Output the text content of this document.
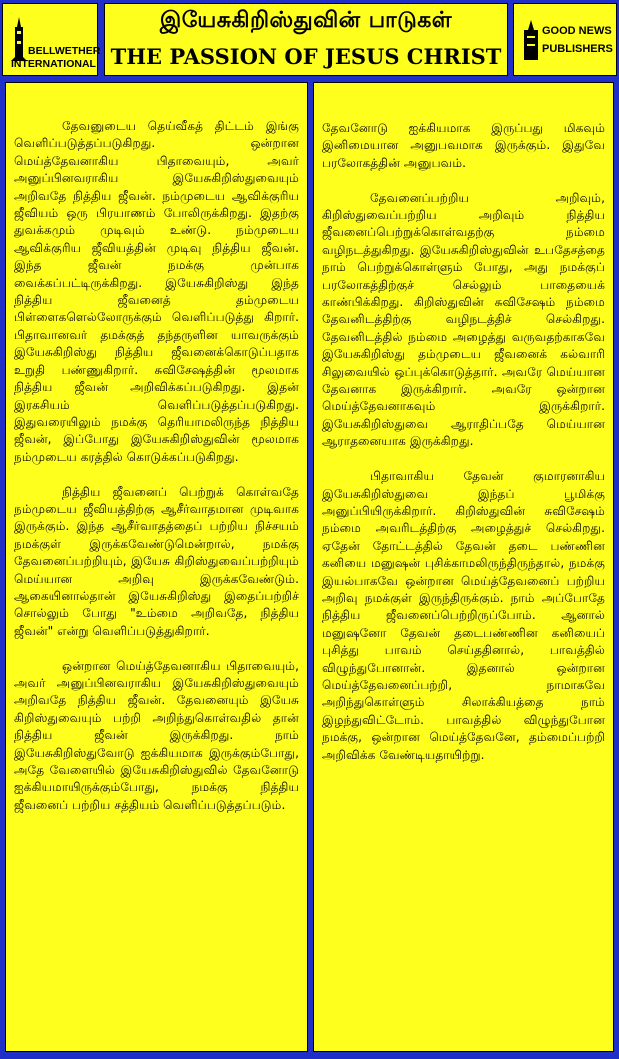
BELLWETHER
INTERNATIONAL
இயேசுகிறிஸ்துவின் பாடுகள்
THE PASSION OF JESUS CHRIST
GOOD NEWS
PUBLISHERS

தேவனுடைய தெய்வீகத் திட்டம் இங்கு வெளிப்படுத்தப்படுகிறது. ஒன்றான மெய்த்தேவனாகிய பிதாவையும், அவர் அனுப்பினவராகிய இயேசுகிறிஸ்துவையும் அறிவதே நித்திய ஜீவன். நம்முடைய ஆவிக்குரிய ஜீவியம் ஒரு பிரயாணம் போலிருக்கிறது. இதற்கு துவக்கமும் முடிவும் உண்டு. நம்முடைய ஆவிக்குரிய ஜீவியத்தின் முடிவு நித்திய ஜீவன். இந்த ஜீவன் நமக்கு முன்பாக வைக்கப்பட்டிருக்கிறது. இயேசுகிறிஸ்து இந்த நித்திய ஜீவனைத் தம்முடைய பிள்ளைகளெல்லோருக்கும் வெளிப்படுத்து கிறார். பிதாவானவர் தமக்குத் தந்தருளின யாவருக்கும் இயேசுகிறிஸ்து நித்திய ஜீவனைக்கொடுப்பதாக உறுதி பண்ணுகிறார். சுவிசேஷத்தின் மூலமாக நித்திய ஜீவன் அறிவிக்கப்படுகிறது. இதன் இரகசியம் வெளிப்படுத்தப்படுகிறது. இதுவரையிலும் நமக்கு தெரியாமலிருந்த நித்திய ஜீவன், இப்போது இயேசுகிறிஸ்துவின் மூலமாக நம்முடைய கரத்தில் கொடுக்கப்படுகிறது.

நித்திய ஜீவனைப் பெற்றுக் கொள்வதே நம்முடைய ஜீவியத்திற்கு ஆசீர்வாதமான முடிவாக இருக்கும். இந்த ஆசீர்வாதத்தைப் பற்றிய நிச்சயம் நமக்குள் இருக்கவேண்டுமென்றால், நமக்கு தேவனைப்பற்றியும், இயேசு கிறிஸ்துவைப்பற்றியும் மெய்யான அறிவு இருக்கவேண்டும். ஆகையினால்தான் இயேசுகிறிஸ்து இதைப்பற்றிச் சொல்லும் போது "உம்மை அறிவதே, நித்திய ஜீவன்" என்று வெளிப்படுத்துகிறார்.

ஒன்றான மெய்த்தேவனாகிய பிதாவையும், அவர் அனுப்பினவராகிய இயேசுகிறிஸ்துவையும் அறிவதே நித்திய ஜீவன். தேவனையும் இயேசு கிறிஸ்துவையும் பற்றி அறிந்துகொள்வதில் தான் நித்திய ஜீவன் இருக்கிறது. நாம் இயேசுகிறிஸ்துவோடு ஐக்கியமாக இருக்கும்போது, அதே வேளையில் இயேசுகிறிஸ்துவில் தேவனோடு ஐக்கியமாயிருக்கும்போது, நமக்கு நித்திய ஜீவனைப் பற்றிய சத்தியம் வெளிப்படுத்தப்படும்.

தேவனோடு ஐக்கியமாக இருப்பது மிகவும் இனிமையான அனுபவமாக இருக்கும். இதுவே பரலோகத்தின் அனுபவம்.

தேவனைப்பற்றிய அறிவும், கிறிஸ்துவைப்பற்றிய அறிவும் நித்திய ஜீவனைப்பெற்றுக்கொள்வதற்கு நம்மை வழிநடத்துகிறது. இயேசுகிறிஸ்துவின் உபதேசத்தை நாம் பெற்றுக்கொள்ளும் போது, அது நமக்குப் பரலோகத்திற்குச் செல்லும் பாதையைக் காண்பிக்கிறது. கிறிஸ்துவின் சுவிசேஷம் நம்மை தேவனிடத்திற்கு வழிநடத்திச் செல்கிறது. தேவனிடத்தில் நம்மை அழைத்து வருவதற்காகவே இயேசுகிறிஸ்து தம்முடைய ஜீவனைக் கல்வாரி சிலுவையில் ஒப்புக்கொடுத்தார். அவரே மெய்யான தேவனாக இருக்கிறார். அவரே ஒன்றான மெய்த்தேவனாகவும் இருக்கிறார். இயேசுகிறிஸ்துவை ஆராதிப்பதே மெய்யான ஆராதனையாக இருக்கிறது.

பிதாவாகிய தேவன் குமாரனாகிய இயேசுகிறிஸ்துவை இந்தப் பூமிக்கு அனுப்பியிருக்கிறார். கிறிஸ்துவின் சுவிசேஷம் நம்மை அவரிடத்திற்கு அழைத்துச் செல்கிறது. ஏதேன் தோட்டத்தில் தேவன் தடை பண்ணின கனியை மனுஷன் புசிக்காமலிருந்திருந்தால், நமக்கு இயல்பாகவே ஒன்றான மெய்த்தேவனைப் பற்றிய அறிவு நமக்குள் இருந்திருக்கும். நாம் அப்போதே நித்திய ஜீவனைப்பெற்றிருப்போம். ஆனால் மனுஷனோ தேவன் தடைபண்ணின கனியைப் புசித்து பாவம் செய்ததினால், பாவத்தில் விழுந்துபோனான். இதனால் ஒன்றான மெய்த்தேவனைப்பற்றி, நாமாகவே அறிந்துகொள்ளும் சிலாக்கியத்தை நாம் இழந்துவிட்டோம். பாவத்தில் விழுந்துபோன நமக்கு, ஒன்றான மெய்த்தேவனே, தம்மைப்பற்றி அறிவிக்க வேண்டியதாயிற்று.
